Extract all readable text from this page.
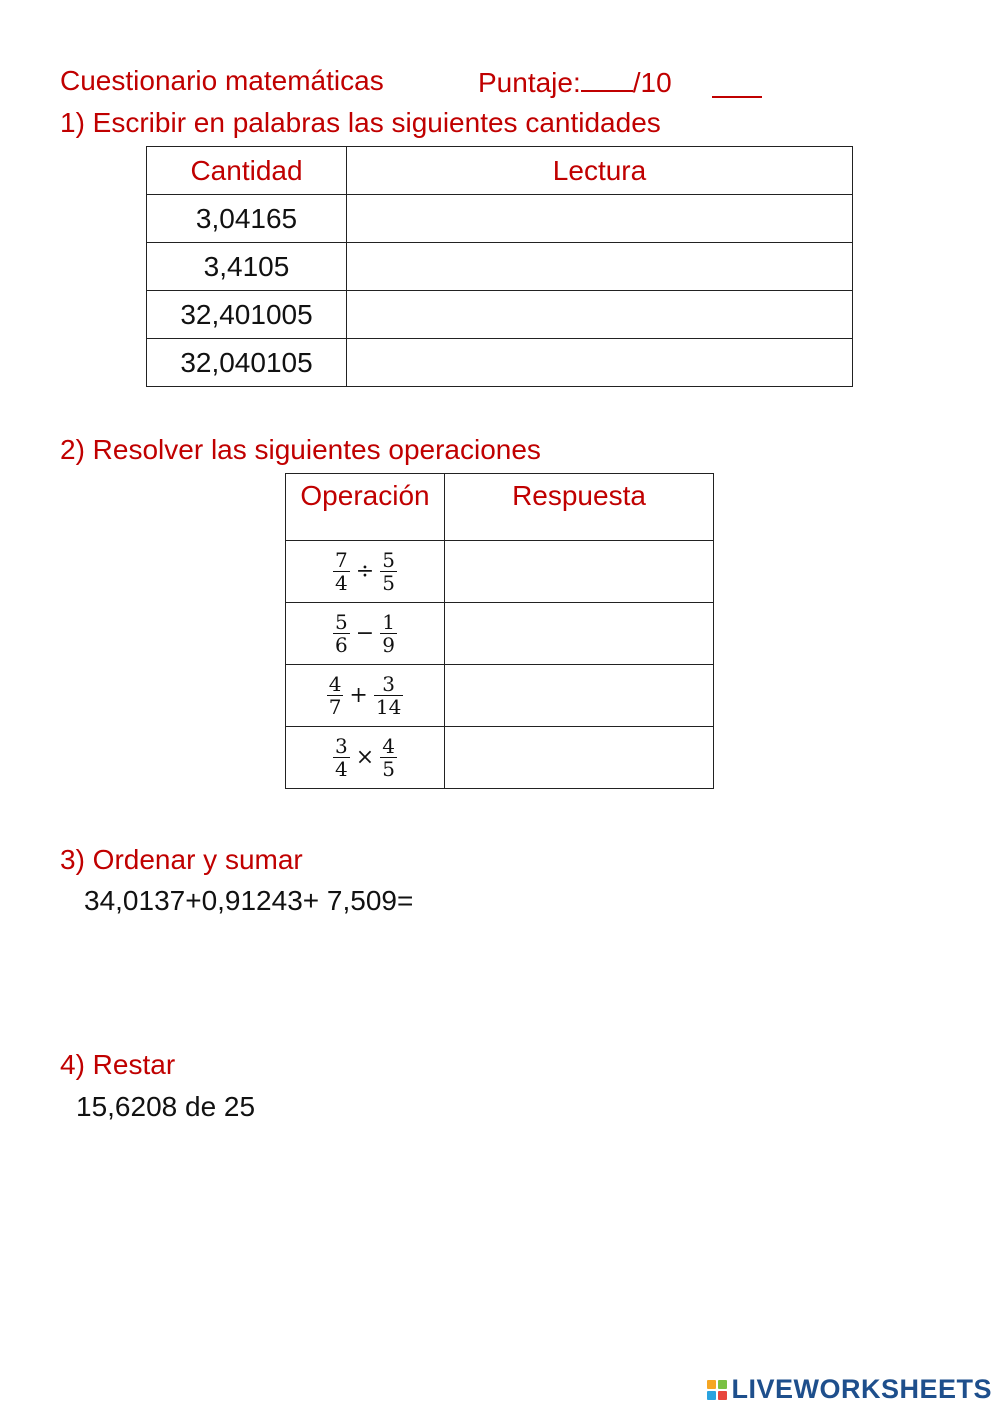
Cuestionario matemáticas	Puntaje: /10
1) Escribir en palabras las siguientes cantidades
Cantidad	Lectura
3,04165	
3,4105	
32,401005	
32,040105	
2) Resolver las siguientes operaciones
Operación	Respuesta

$\frac{7}{4} \div \frac{5}{5}$

$\frac{5}{6} - \frac{1}{9}$

$\frac{4}{7} + \frac{3}{14}$

$\frac{3}{4} \times \frac{4}{5}$

3) Ordenar y sumar
34,0137+0,91243+ 7,509=
4) Restar
15,6208 de 25
LIVEWORKSHEETS
